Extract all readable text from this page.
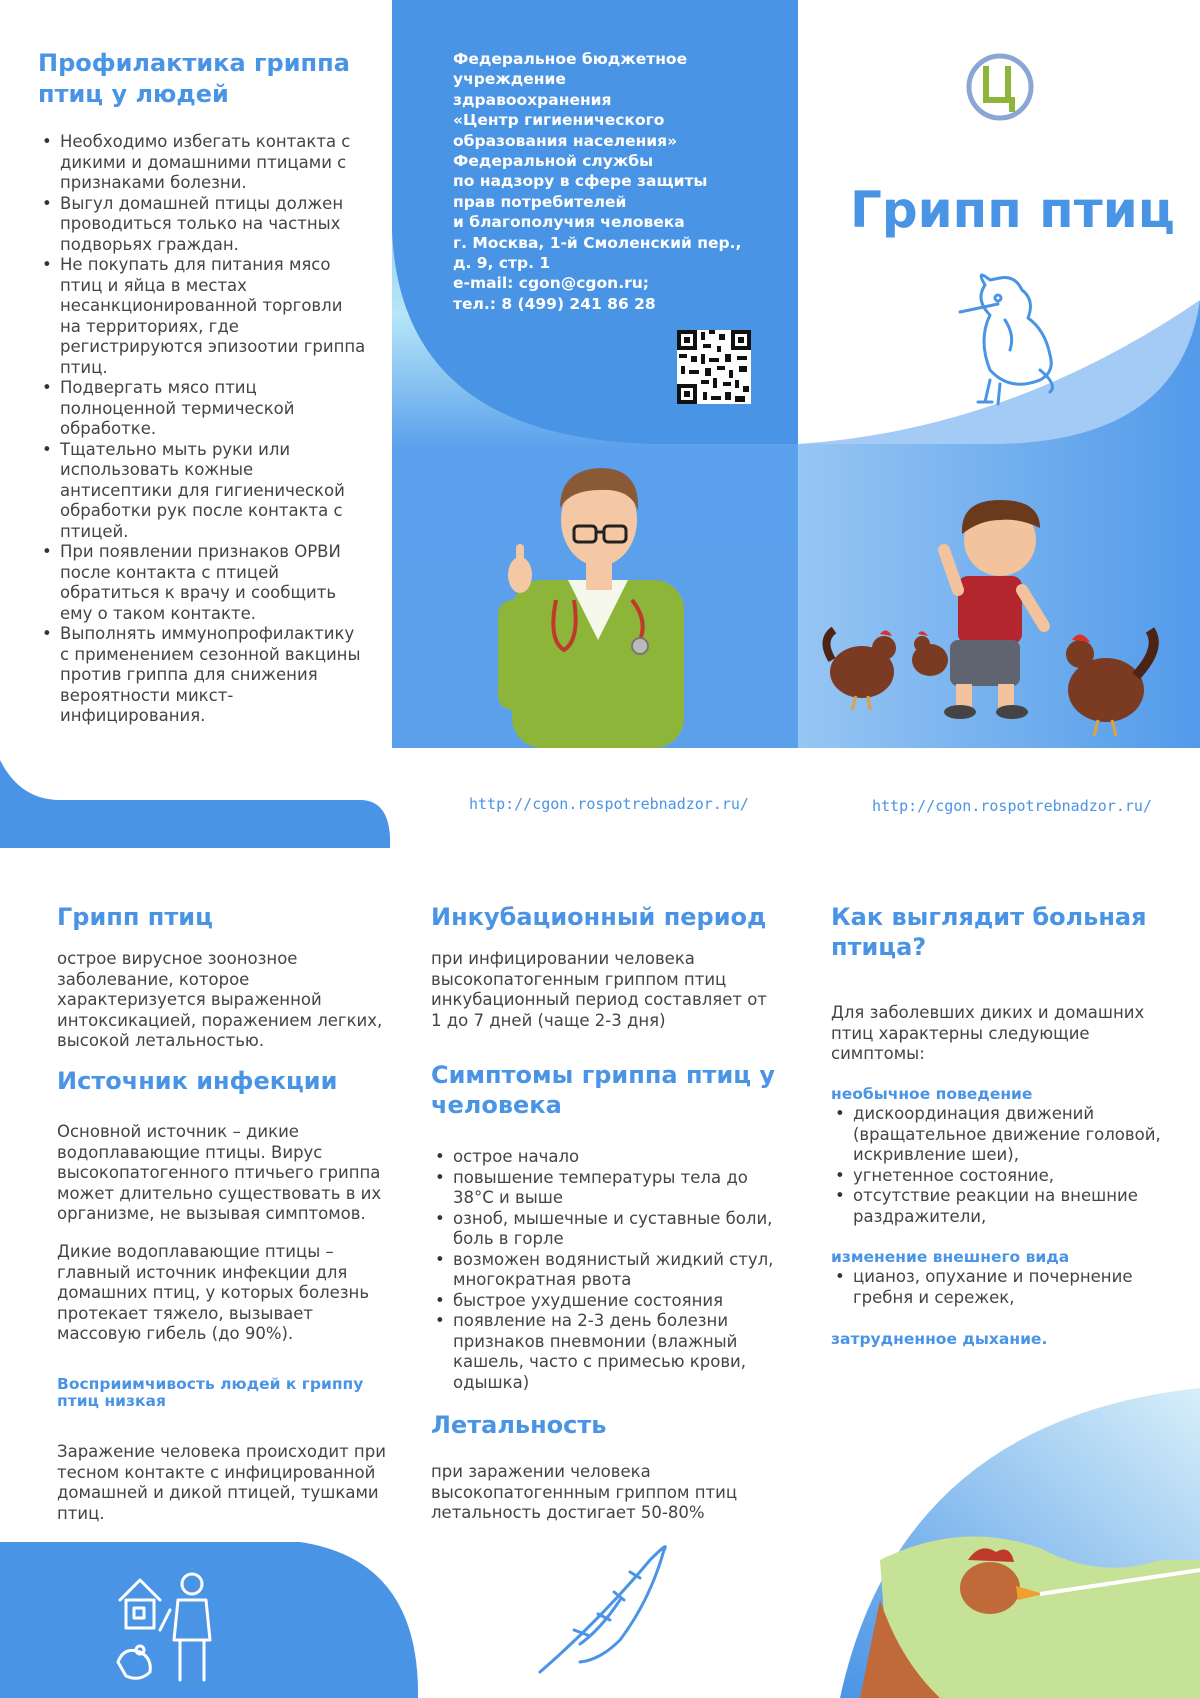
Профилактика гриппа птиц у людей
• Необходимо избегать контакта с дикими и домашними птицами с признаками болезни.
• Выгул домашней птицы должен проводиться только на частных подворьях граждан.
• Не покупать для питания мясо птиц и яйца в местах несанкционированной торговли на территориях, где регистрируются эпизоотии гриппа птиц.
• Подвергать мясо птиц полноценной термической обработке.
• Тщательно мыть руки или использовать кожные антисептики для гигиенической обработки рук после контакта с птицей.
• При появлении признаков ОРВИ после контакта с птицей обратиться к врачу и сообщить ему о таком контакте.
• Выполнять иммунопрофилактику с применением сезонной вакцины против гриппа для снижения вероятности микст-инфицирования.
Федеральное бюджетное
учреждение
здравоохранения
«Центр гигиенического
образования населения»
Федеральной службы
по надзору в сфере защиты
прав потребителей
и благополучия человека
г. Москва, 1-й Смоленский пер.,
д. 9, стр. 1
e-mail: cgon@cgon.ru;
тел.: 8 (499) 241 86 28
Грипп птиц
http://cgon.rospotrebnadzor.ru/	http://cgon.rospotrebnadzor.ru/
Грипп птиц
острое вирусное зоонозное заболевание, которое характеризуется выраженной интоксикацией, поражением легких, высокой летальностью.
Источник инфекции
Основной источник – дикие водоплавающие птицы. Вирус высокопатогенного птичьего гриппа может длительно существовать в их организме, не вызывая симптомов.
Дикие водоплавающие птицы – главный источник инфекции для домашних птиц, у которых болезнь протекает тяжело, вызывает массовую гибель (до 90%).
Восприимчивость людей к гриппу птиц низкая
Заражение человека происходит при тесном контакте с инфицированной домашней и дикой птицей, тушками птиц.
Инкубационный период
при инфицировании человека высокопатогенным гриппом птиц инкубационный период составляет от 1 до 7 дней (чаще 2-3 дня)
Симптомы гриппа птиц у человека
• острое начало
• повышение температуры тела до 38°С и выше
• озноб, мышечные и суставные боли, боль в горле
• возможен водянистый жидкий стул, многократная рвота
• быстрое ухудшение состояния
• появление на 2-3 день болезни признаков пневмонии (влажный кашель, часто с примесью крови, одышка)
Летальность
при заражении человека высокопатогеннным гриппом птиц летальность достигает 50-80%
Как выглядит больная птица?
Для заболевших диких и домашних птиц характерны следующие симптомы:
необычное поведение
• дискоординация движений (вращательное движение головой, искривление шеи),
• угнетенное состояние,
• отсутствие реакции на внешние раздражители,
изменение внешнего вида
• цианоз, опухание и почернение гребня и сережек,
затрудненное дыхание.
